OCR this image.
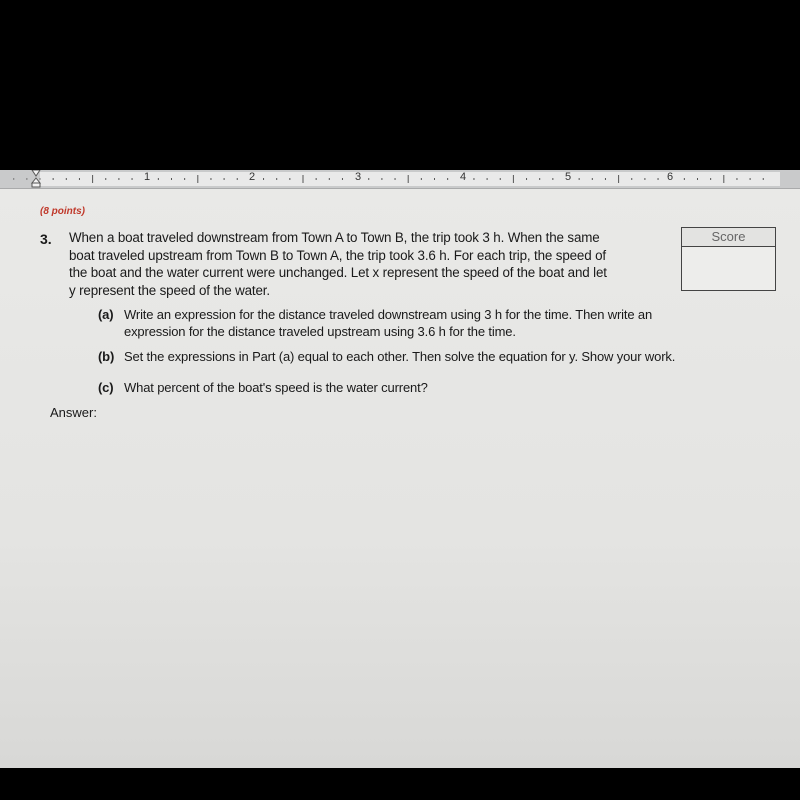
1	2	3	4	5	6
(8 points)
3. When a boat traveled downstream from Town A to Town B, the trip took 3 h. When the same
boat traveled upstream from Town B to Town A, the trip took 3.6 h. For each trip, the speed of
the boat and the water current were unchanged. Let x represent the speed of the boat and let
y represent the speed of the water.
Score
(a) Write an expression for the distance traveled downstream using 3 h for the time. Then write an
expression for the distance traveled upstream using 3.6 h for the time.
(b) Set the expressions in Part (a) equal to each other. Then solve the equation for y. Show your work.
(c) What percent of the boat's speed is the water current?
Answer:
